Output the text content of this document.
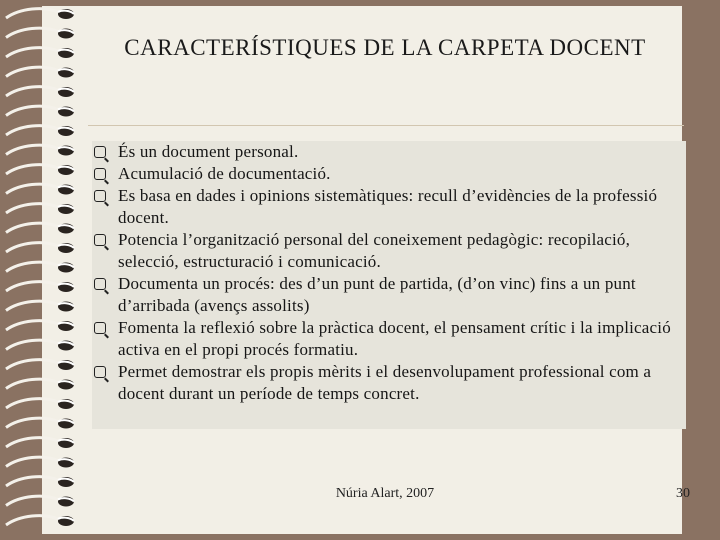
CARACTERÍSTIQUES DE LA CARPETA DOCENT
És un document personal.
Acumulació de documentació.
Es basa en dades i opinions sistemàtiques: recull d’evidències de la professió docent.
Potencia l’organització personal del coneixement pedagògic: recopilació, selecció, estructuració i comunicació.
Documenta un procés: des d’un punt de partida, (d’on vinc) fins a un punt d’arribada (avençs assolits)
Fomenta la reflexió sobre la pràctica docent, el pensament crític i la implicació activa en el propi procés formatiu.
Permet demostrar els propis mèrits i el desenvolupament professional com a docent durant un període de temps concret.
Núria Alart, 2007	30
